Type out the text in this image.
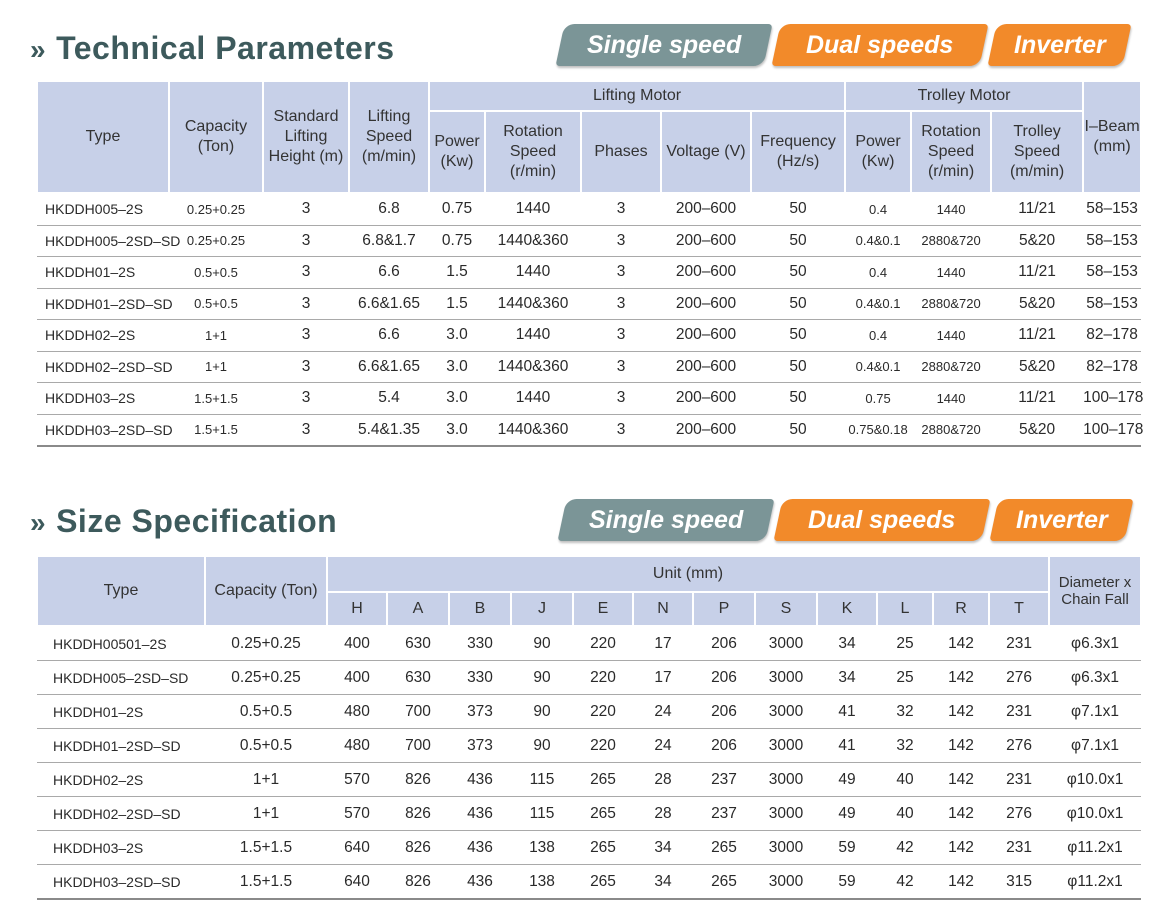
» Technical Parameters	Single speed	Dual speeds	Inverter
Type	Capacity (Ton)	Standard Lifting Height (m)	Lifting Speed (m/min)	Lifting Motor					Trolley Motor			I–Beam (mm)
				Power (Kw)	Rotation Speed (r/min)	Phases	Voltage (V)	Frequency (Hz/s)	Power (Kw)	Rotation Speed (r/min)	Trolley Speed (m/min)	
HKDDH005–2S	0.25+0.25	3	6.8	0.75	1440	3	200–600	50	0.4	1440	11/21	58–153
HKDDH005–2SD–SD	0.25+0.25	3	6.8&1.7	0.75	1440&360	3	200–600	50	0.4&0.1	2880&720	5&20	58–153
HKDDH01–2S	0.5+0.5	3	6.6	1.5	1440	3	200–600	50	0.4	1440	11/21	58–153
HKDDH01–2SD–SD	0.5+0.5	3	6.6&1.65	1.5	1440&360	3	200–600	50	0.4&0.1	2880&720	5&20	58–153
HKDDH02–2S	1+1	3	6.6	3.0	1440	3	200–600	50	0.4	1440	11/21	82–178
HKDDH02–2SD–SD	1+1	3	6.6&1.65	3.0	1440&360	3	200–600	50	0.4&0.1	2880&720	5&20	82–178
HKDDH03–2S	1.5+1.5	3	5.4	3.0	1440	3	200–600	50	0.75	1440	11/21	100–178
HKDDH03–2SD–SD	1.5+1.5	3	5.4&1.35	3.0	1440&360	3	200–600	50	0.75&0.18	2880&720	5&20	100–178
» Size Specification	Single speed	Dual speeds	Inverter
Type	Capacity (Ton)	Unit (mm)												Diameter x Chain Fall
		H	A	B	J	E	N	P	S	K	L	R	T	
HKDDH00501–2S	0.25+0.25	400	630	330	90	220	17	206	3000	34	25	142	231	φ6.3x1
HKDDH005–2SD–SD	0.25+0.25	400	630	330	90	220	17	206	3000	34	25	142	276	φ6.3x1
HKDDH01–2S	0.5+0.5	480	700	373	90	220	24	206	3000	41	32	142	231	φ7.1x1
HKDDH01–2SD–SD	0.5+0.5	480	700	373	90	220	24	206	3000	41	32	142	276	φ7.1x1
HKDDH02–2S	1+1	570	826	436	115	265	28	237	3000	49	40	142	231	φ10.0x1
HKDDH02–2SD–SD	1+1	570	826	436	115	265	28	237	3000	49	40	142	276	φ10.0x1
HKDDH03–2S	1.5+1.5	640	826	436	138	265	34	265	3000	59	42	142	231	φ11.2x1
HKDDH03–2SD–SD	1.5+1.5	640	826	436	138	265	34	265	3000	59	42	142	315	φ11.2x1
